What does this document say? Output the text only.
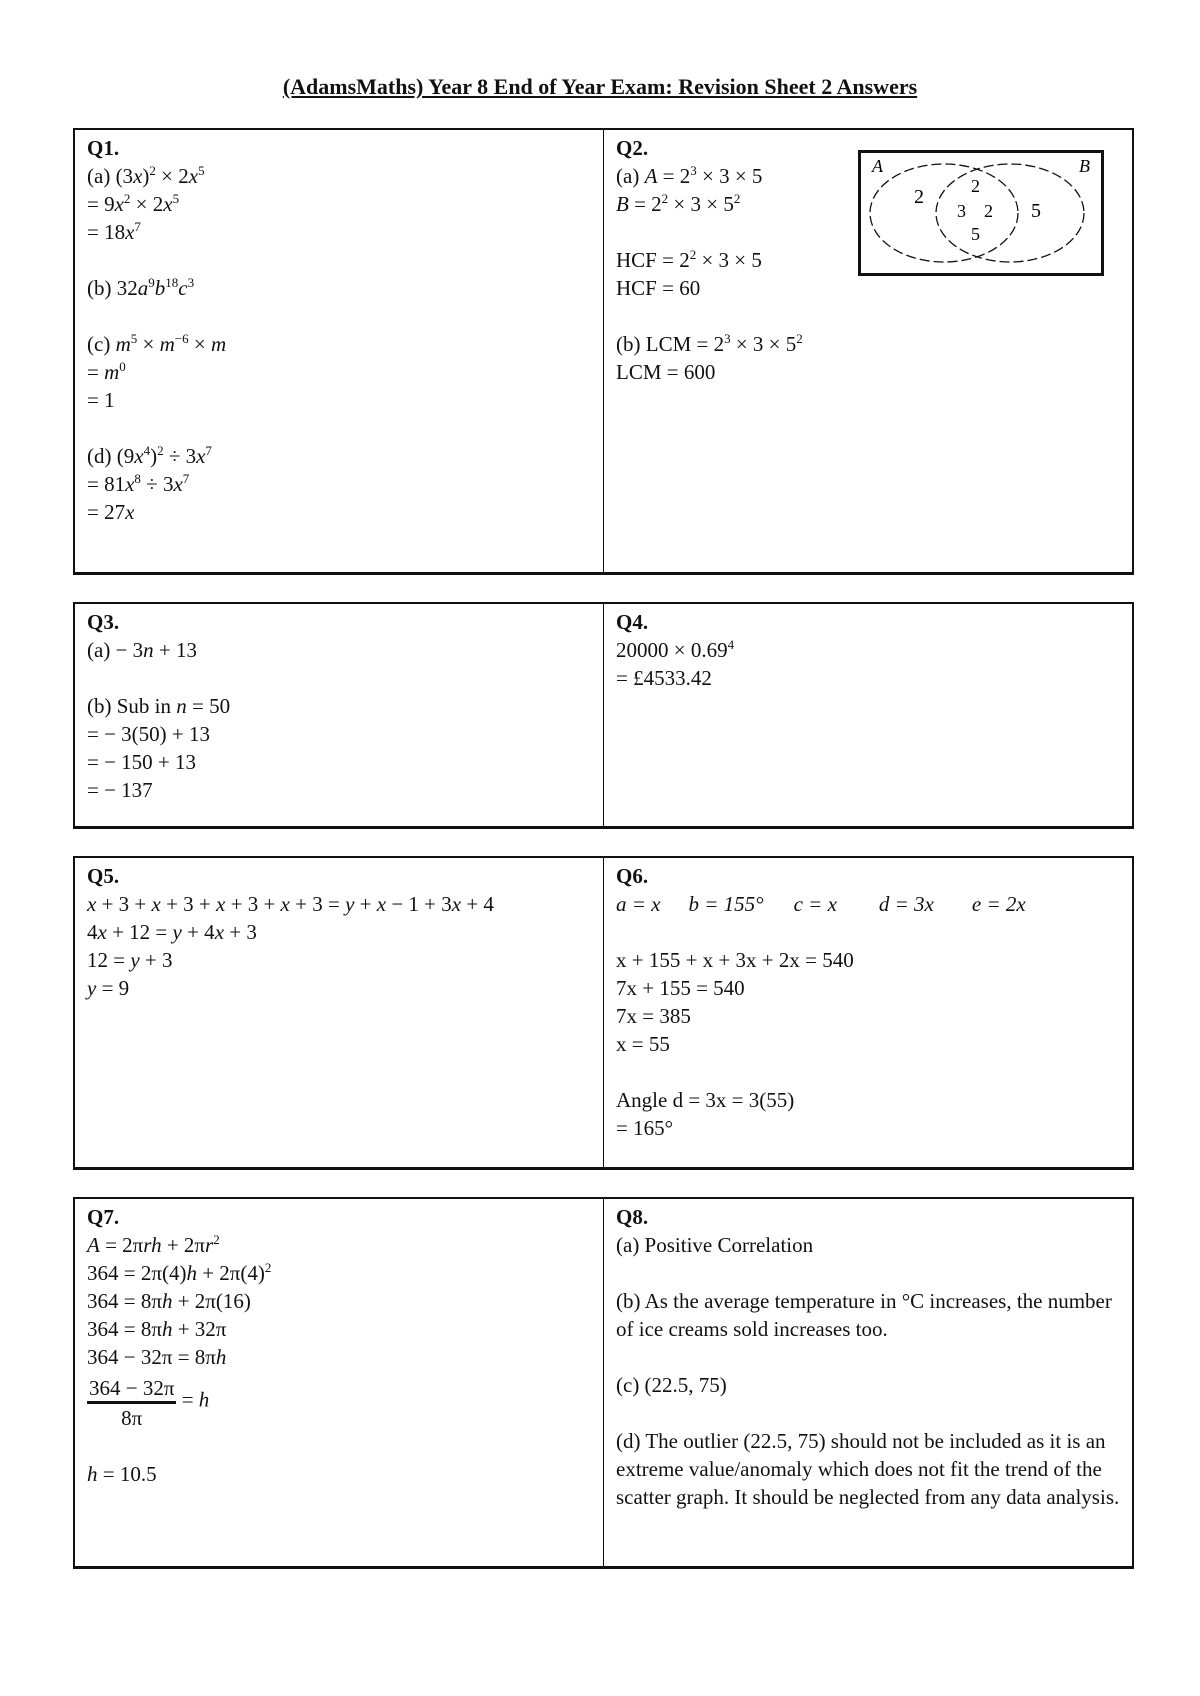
(AdamsMaths) Year 8 End of Year Exam: Revision Sheet 2 Answers
Q1.
(a) $(3x)^2 \times 2x^5$
= $9x^2 \times 2x^5$
= $18x^7$
(b) $32a^9b^{18}c^3$
(c) $m^5 \times m^{-6} \times m$
= $m^0$
= 1
(d) $(9x^4)^2 \div 3x^7$
= $81x^8 \div 3x^7$
= 27x
Q2.
(a) $A = 2^3 \times 3 \times 5$
$B = 2^2 \times 3 \times 5^2$
HCF = $2^2 \times 3 \times 5$
HCF = 60
(b) LCM = $2^3 \times 3 \times 5^2$
LCM = 600
A	B
2	2
3 2
5
5
Q3.
(a) − 3n + 13
(b) Sub in n = 50
= − 3(50) + 13
= − 150 + 13
= − 137
Q4.
$20000 \times 0.69^4$
= £4533.42
Q5.
x + 3 + x + 3 + x + 3 + x + 3 = y + x − 1 + 3x + 4
4x + 12 = y + 4x + 3
12 = y + 3
y = 9
Q6.
a = x b = 155° c = x d = 3x e = 2x
x + 155 + x + 3x + 2x = 540
7x + 155 = 540
7x = 385
x = 55
Angle d = 3x = 3(55)
= 165°
Q7.
$A = 2\pi rh + 2\pi r^2$
$364 = 2\pi(4)h + 2\pi(4)^2$
364 = 8πh + 2π(16)
364 = 8πh + 32π
364 − 32π = 8πh
$\frac{364 - 32\pi}{8\pi} = h$
h = 10.5
Q8.
(a) Positive Correlation
(b) As the average temperature in °C increases, the number of ice creams sold increases too.
(c) (22.5, 75)
(d) The outlier (22.5, 75) should not be included as it is an extreme value/anomaly which does not fit the trend of the scatter graph. It should be neglected from any data analysis.
